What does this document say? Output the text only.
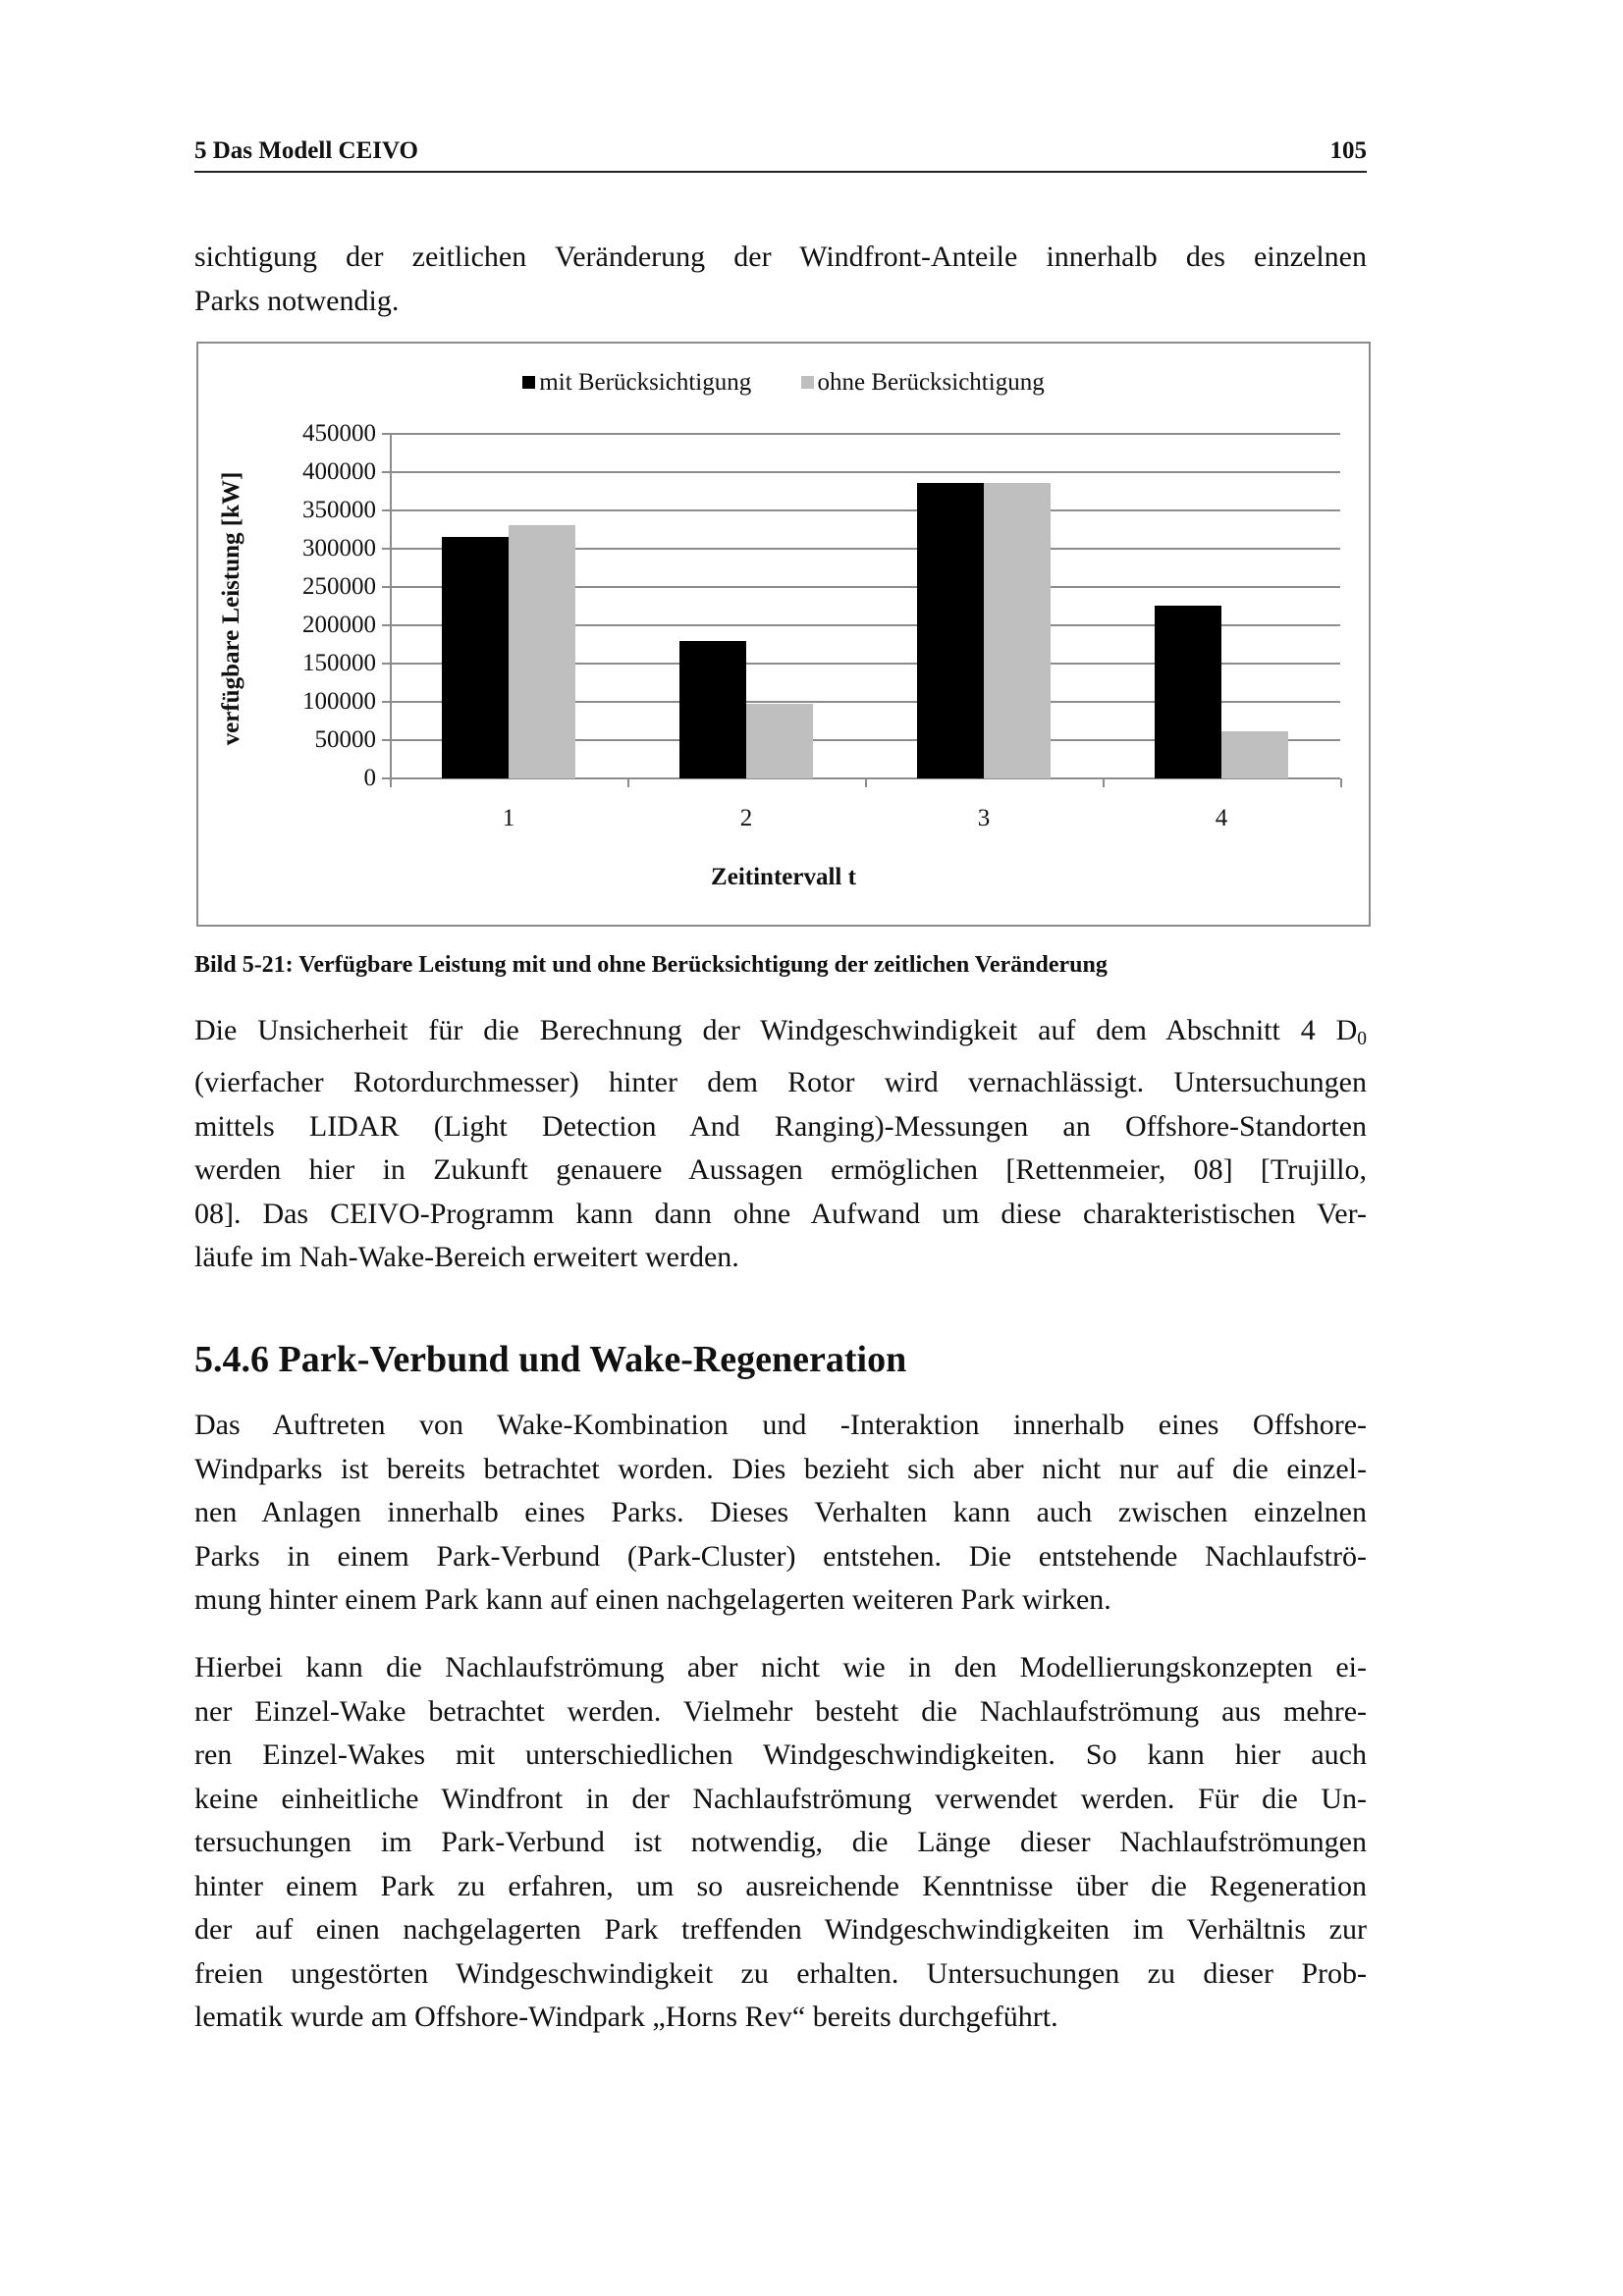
5 Das Modell CEIVO	105
sichtigung der zeitlichen Veränderung der Windfront-Anteile innerhalb des einzelnen
Parks notwendig.
mit Berücksichtigung	ohne Berücksichtigung
Zeitintervall t
verfügbare Leistung [kW]
0
50000
100000
150000
200000
250000
300000
350000
400000
450000
1	2	3	4
Bild 5-21: Verfügbare Leistung mit und ohne Berücksichtigung der zeitlichen Veränderung
Die Unsicherheit für die Berechnung der Windgeschwindigkeit auf dem Abschnitt 4 $D_0$
(vierfacher Rotordurchmesser) hinter dem Rotor wird vernachlässigt. Untersuchungen
mittels LIDAR (Light Detection And Ranging)-Messungen an Offshore-Standorten
werden hier in Zukunft genauere Aussagen ermöglichen [Rettenmeier, 08] [Trujillo,
08]. Das CEIVO-Programm kann dann ohne Aufwand um diese charakteristischen Ver-
läufe im Nah-Wake-Bereich erweitert werden.
5.4.6 Park-Verbund und Wake-Regeneration
Das Auftreten von Wake-Kombination und -Interaktion innerhalb eines Offshore-
Windparks ist bereits betrachtet worden. Dies bezieht sich aber nicht nur auf die einzel-
nen Anlagen innerhalb eines Parks. Dieses Verhalten kann auch zwischen einzelnen
Parks in einem Park-Verbund (Park-Cluster) entstehen. Die entstehende Nachlaufströ-
mung hinter einem Park kann auf einen nachgelagerten weiteren Park wirken.
Hierbei kann die Nachlaufströmung aber nicht wie in den Modellierungskonzepten ei-
ner Einzel-Wake betrachtet werden. Vielmehr besteht die Nachlaufströmung aus mehre-
ren Einzel-Wakes mit unterschiedlichen Windgeschwindigkeiten. So kann hier auch
keine einheitliche Windfront in der Nachlaufströmung verwendet werden. Für die Un-
tersuchungen im Park-Verbund ist notwendig, die Länge dieser Nachlaufströmungen
hinter einem Park zu erfahren, um so ausreichende Kenntnisse über die Regeneration
der auf einen nachgelagerten Park treffenden Windgeschwindigkeiten im Verhältnis zur
freien ungestörten Windgeschwindigkeit zu erhalten. Untersuchungen zu dieser Prob-
lematik wurde am Offshore-Windpark „Horns Rev“ bereits durchgeführt.
